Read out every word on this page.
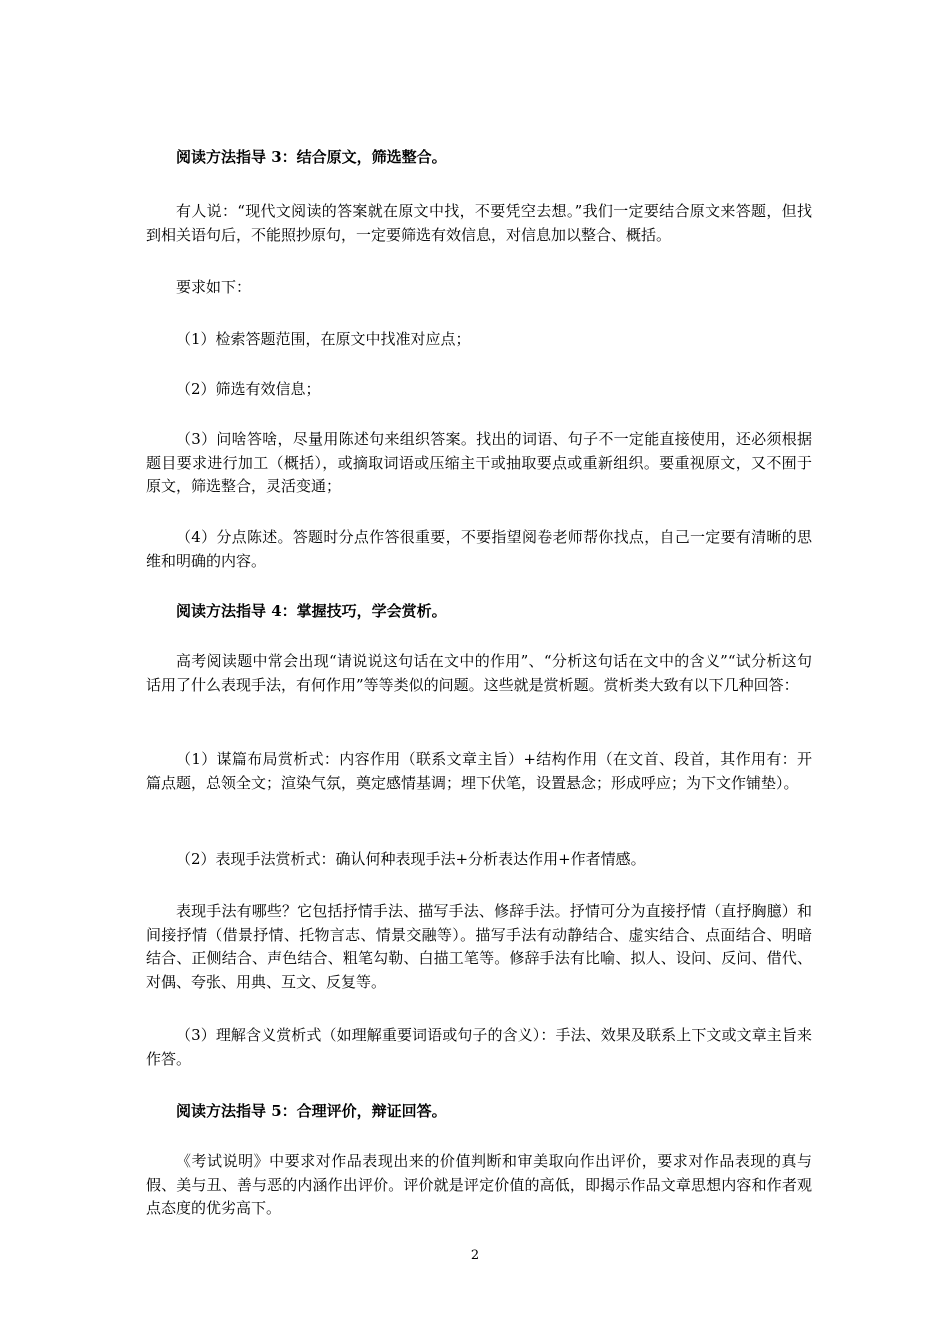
阅读方法指导 3：结合原文，筛选整合。

有人说：“现代文阅读的答案就在原文中找，不要凭空去想。”我们一定要结合原文来答题，但找到相关语句后，不能照抄原句，一定要筛选有效信息，对信息加以整合、概括。

要求如下：

（1）检索答题范围，在原文中找准对应点；

（2）筛选有效信息；

（3）问啥答啥，尽量用陈述句来组织答案。找出的词语、句子不一定能直接使用，还必须根据题目要求进行加工（概括），或摘取词语或压缩主干或抽取要点或重新组织。要重视原文，又不囿于原文，筛选整合，灵活变通；

（4）分点陈述。答题时分点作答很重要，不要指望阅卷老师帮你找点，自己一定要有清晰的思维和明确的内容。

阅读方法指导 4：掌握技巧，学会赏析。

高考阅读题中常会出现“请说说这句话在文中的作用”、“分析这句话在文中的含义”“试分析这句话用了什么表现手法，有何作用”等等类似的问题。这些就是赏析题。赏析类大致有以下几种回答：

（1）谋篇布局赏析式：内容作用（联系文章主旨）+结构作用（在文首、段首，其作用有：开篇点题，总领全文；渲染气氛，奠定感情基调；埋下伏笔，设置悬念；形成呼应；为下文作铺垫）。

（2）表现手法赏析式：确认何种表现手法+分析表达作用+作者情感。

表现手法有哪些？它包括抒情手法、描写手法、修辞手法。抒情可分为直接抒情（直抒胸臆）和间接抒情（借景抒情、托物言志、情景交融等）。描写手法有动静结合、虚实结合、点面结合、明暗结合、正侧结合、声色结合、粗笔勾勒、白描工笔等。修辞手法有比喻、拟人、设问、反问、借代、对偶、夸张、用典、互文、反复等。

（3）理解含义赏析式（如理解重要词语或句子的含义）：手法、效果及联系上下文或文章主旨来作答。

阅读方法指导 5：合理评价，辩证回答。

《考试说明》中要求对作品表现出来的价值判断和审美取向作出评价，要求对作品表现的真与假、美与丑、善与恶的内涵作出评价。评价就是评定价值的高低，即揭示作品文章思想内容和作者观点态度的优劣高下。

2
